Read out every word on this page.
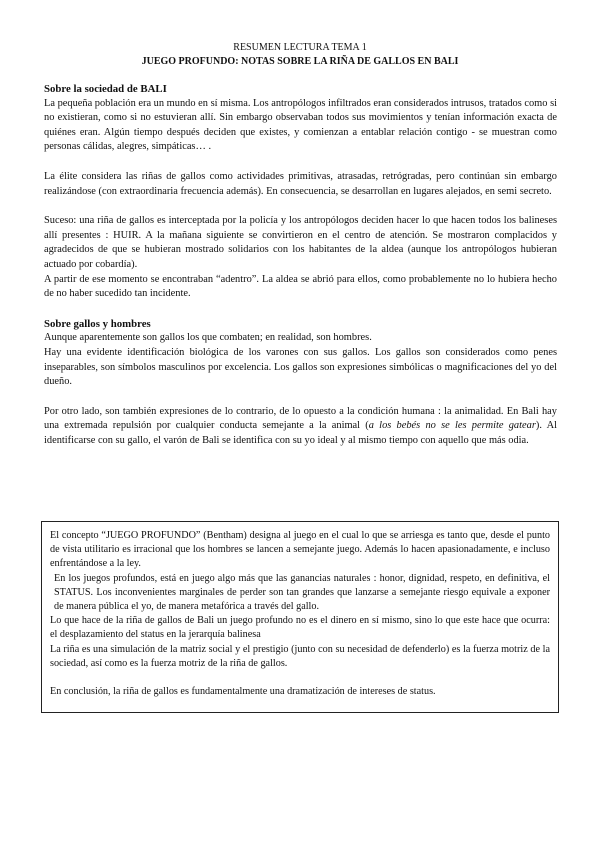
RESUMEN LECTURA TEMA 1
JUEGO PROFUNDO: NOTAS SOBRE LA RIÑA DE GALLOS EN BALI
Sobre la sociedad de BALI

La pequeña población era un mundo en sí misma. Los antropólogos infiltrados eran considerados intrusos, tratados como si no existieran, como si no estuvieran allí. Sin embargo observaban todos sus movimientos y tenían información exacta de quiénes eran. Algún tiempo después deciden que existes, y comienzan a entablar relación contigo - se muestran como personas cálidas, alegres, simpáticas… .

La élite considera las riñas de gallos como actividades primitivas, atrasadas, retrógradas, pero continúan sin embargo realizándose (con extraordinaria frecuencia además). En consecuencia, se desarrollan en lugares alejados, en semi secreto.

Suceso: una riña de gallos es interceptada por la policía y los antropólogos deciden hacer lo que hacen todos los balineses allí presentes : HUIR. A la mañana siguiente se convirtieron en el centro de atención. Se mostraron complacidos y agradecidos de que se hubieran mostrado solidarios con los habitantes de la aldea (aunque los antropólogos hubieran actuado por cobardía).

A partir de ese momento se encontraban “adentro”. La aldea se abrió para ellos, como probablemente no lo hubiera hecho de no haber sucedido tan incidente.

Sobre gallos y hombres

Aunque aparentemente son gallos los que combaten; en realidad, son hombres.

Hay una evidente identificación biológica de los varones con sus gallos. Los gallos son considerados como penes inseparables, son símbolos masculinos por excelencia. Los gallos son expresiones simbólicas o magnificaciones del yo del dueño.

Por otro lado, son también expresiones de lo contrario, de lo opuesto a la condición humana : la animalidad. En Bali hay una extremada repulsión por cualquier conducta semejante a la animal (a los bebés no se les permite gatear). Al identificarse con su gallo, el varón de Bali se identifica con su yo ideal y al mismo tiempo con aquello que más odia.

El concepto “JUEGO PROFUNDO” (Bentham) designa al juego en el cual lo que se arriesga es tanto que, desde el punto de vista utilitario es irracional que los hombres se lancen a semejante juego. Además lo hacen apasionadamente, e incluso enfrentándose a la ley.

En los juegos profundos, está en juego algo más que las ganancias naturales : honor, dignidad, respeto, en definitiva, el STATUS. Los inconvenientes marginales de perder son tan grandes que lanzarse a semejante riesgo equivale a exponer de manera pública el yo, de manera metafórica a través del gallo.

Lo que hace de la riña de gallos de Bali un juego profundo no es el dinero en sí mismo, sino lo que este hace que ocurra: el desplazamiento del status en la jerarquía balinesa

La riña es una simulación de la matriz social y el prestigio (junto con su necesidad de defenderlo) es la fuerza motriz de la sociedad, así como es la fuerza motriz de la riña de gallos.

En conclusión, la riña de gallos es fundamentalmente una dramatización de intereses de status.
